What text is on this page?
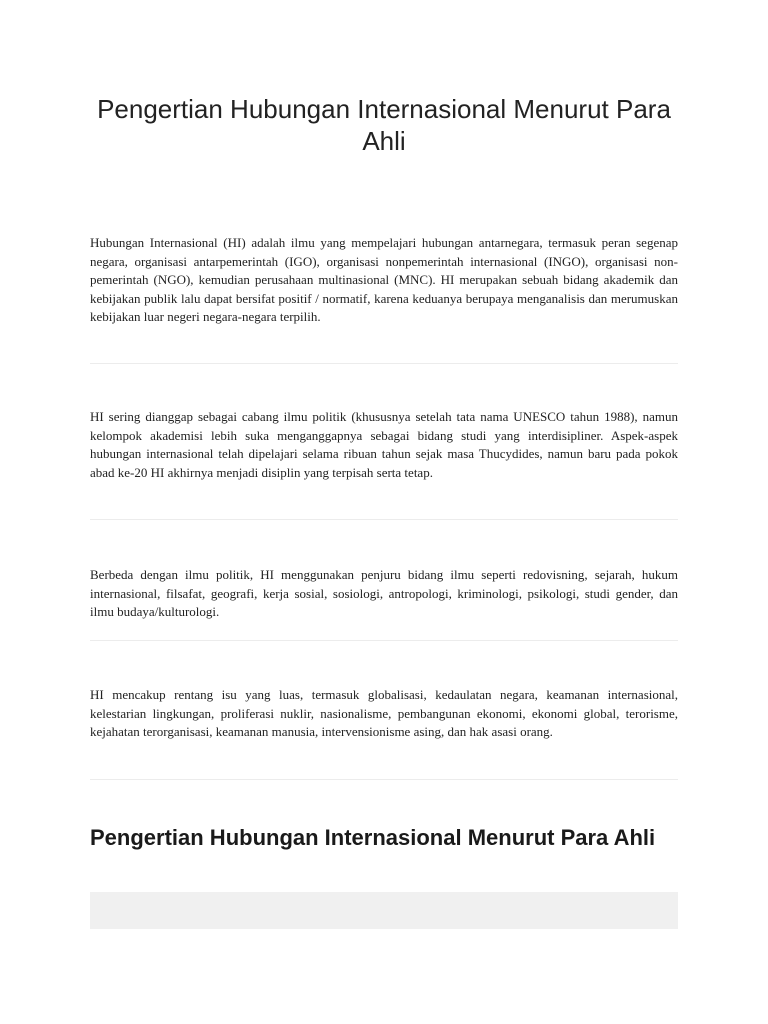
Pengertian Hubungan Internasional Menurut Para Ahli

Hubungan Internasional (HI) adalah ilmu yang mempelajari hubungan antarnegara, termasuk peran segenap negara, organisasi antarpemerintah (IGO), organisasi nonpemerintah internasional (INGO), organisasi non-pemerintah (NGO), kemudian perusahaan multinasional (MNC). HI merupakan sebuah bidang akademik dan kebijakan publik lalu dapat bersifat positif / normatif, karena keduanya berupaya menganalisis dan merumuskan kebijakan luar negeri negara-negara terpilih.

HI sering dianggap sebagai cabang ilmu politik (khususnya setelah tata nama UNESCO tahun 1988), namun kelompok akademisi lebih suka menganggapnya sebagai bidang studi yang interdisipliner. Aspek-aspek hubungan internasional telah dipelajari selama ribuan tahun sejak masa Thucydides, namun baru pada pokok abad ke-20 HI akhirnya menjadi disiplin yang terpisah serta tetap.

Berbeda dengan ilmu politik, HI menggunakan penjuru bidang ilmu seperti redovisning, sejarah, hukum internasional, filsafat, geografi, kerja sosial, sosiologi, antropologi, kriminologi, psikologi, studi gender, dan ilmu budaya/kulturologi.

HI mencakup rentang isu yang luas, termasuk globalisasi, kedaulatan negara, keamanan internasional, kelestarian lingkungan, proliferasi nuklir, nasionalisme, pembangunan ekonomi, ekonomi global, terorisme, kejahatan terorganisasi, keamanan manusia, intervensionisme asing, dan hak asasi orang.

Pengertian Hubungan Internasional Menurut Para Ahli
